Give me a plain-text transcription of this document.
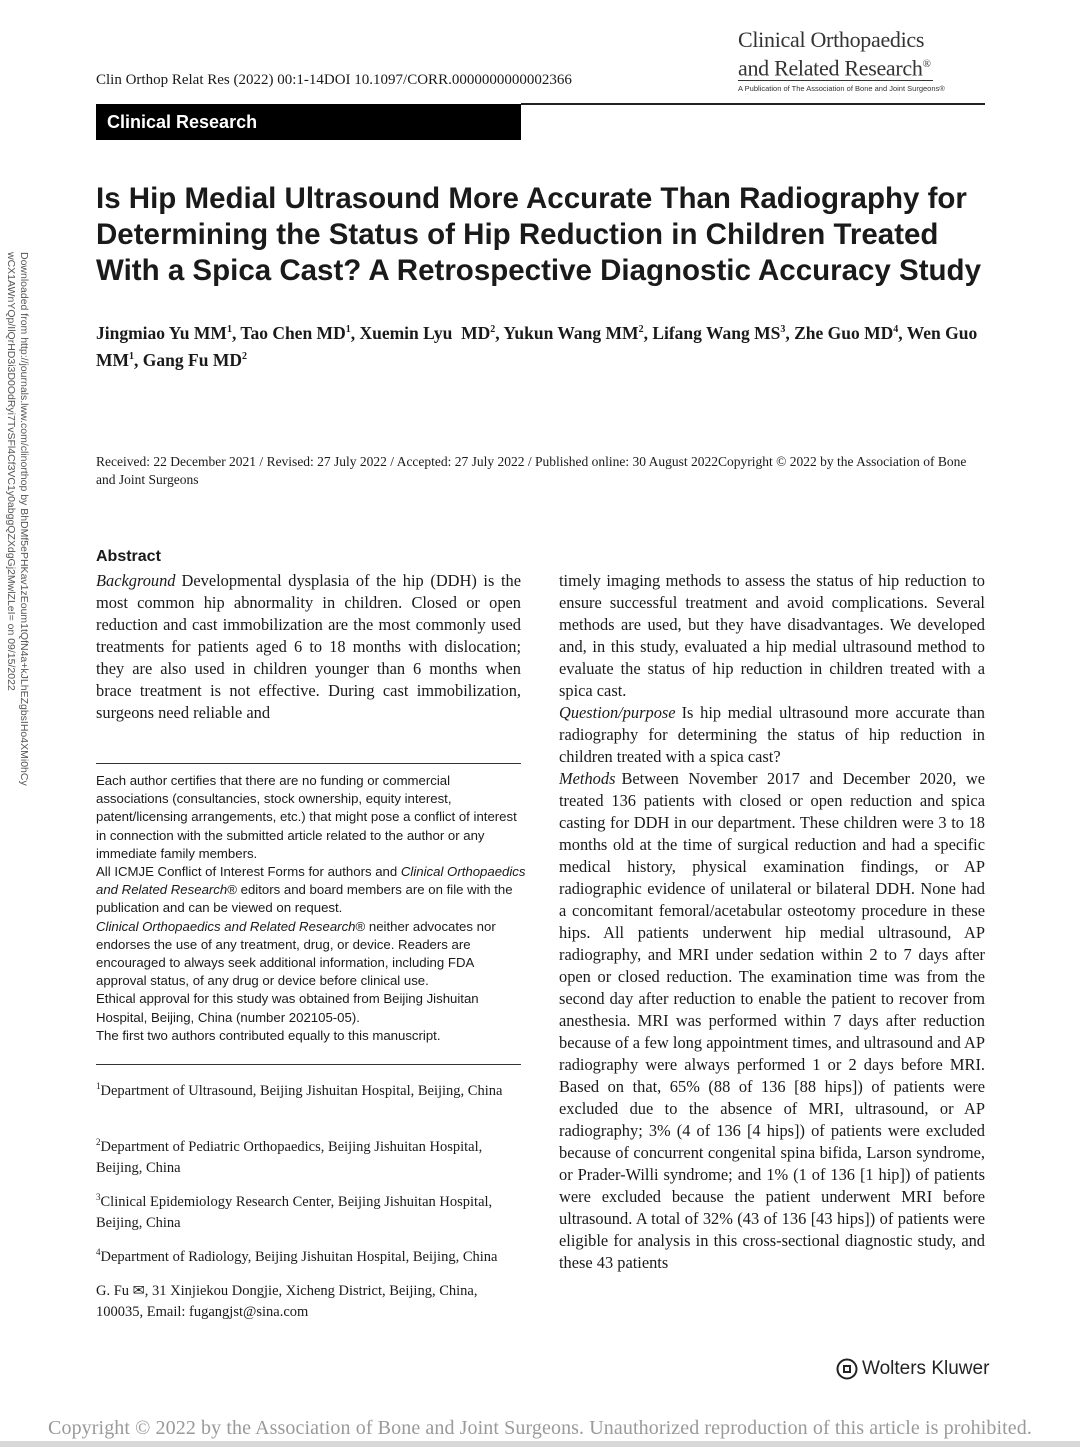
Clin Orthop Relat Res (2022) 00:1-14DOI 10.1097/CORR.0000000000002366
Clinical Orthopaedics
and Related Research®
A Publication of The Association of Bone and Joint Surgeons®
Clinical Research
Is Hip Medial Ultrasound More Accurate Than Radiography for Determining the Status of Hip Reduction in Children Treated With a Spica Cast? A Retrospective Diagnostic Accuracy Study
Jingmiao Yu $MM^1$, Tao Chen $MD^1$, Xuemin Lyu  $MD^2$, Yukun Wang $MM^2$, Lifang Wang $MS^3$, Zhe Guo $MD^4$, Wen Guo $MM^1$, Gang Fu $MD^2$
Received: 22 December 2021 / Revised: 27 July 2022 / Accepted: 27 July 2022 / Published online: 30 August 2022Copyright © 2022 by the Association of Bone and Joint Surgeons
Downloaded from http://journals.lww.com/clinorthop by BhDMf5ePHKav1zEoum1tQfN4a+kJLhEZgbsIHo4XMi0hCy
wCX1AWnYQp/IlQrHD3i3D0OdRyi7TvSFl4Cf3VC1y0abggQZXdgGj2MwlZLeI= on 09/15/2022	Abstract

Background Developmental dysplasia of the hip (DDH) is the most common hip abnormality in children. Closed or open reduction and cast immobilization are the most commonly used treatments for patients aged 6 to 18 months with dislocation; they are also used in children younger than 6 months when brace treatment is not effective. During cast immobilization, surgeons need reliable and

timely imaging methods to assess the status of hip reduction to ensure successful treatment and avoid complications. Several methods are used, but they have disadvantages. We developed and, in this study, evaluated a hip medial ultrasound method to evaluate the status of hip reduction in children treated with a spica cast.

Question/purpose Is hip medial ultrasound more accurate than radiography for determining the status of hip reduction in children treated with a spica cast?

Methods Between November 2017 and December 2020, we treated 136 patients with closed or open reduction and spica casting for DDH in our department. These children were 3 to 18 months old at the time of surgical reduction and had a specific medical history, physical examination findings, or AP radiographic evidence of unilateral or bilateral DDH. None had a concomitant femoral/acetabular osteotomy procedure in these hips. All patients underwent hip medial ultrasound, AP radiography, and MRI under sedation within 2 to 7 days after open or closed reduction. The examination time was from the second day after reduction to enable the patient to recover from anesthesia. MRI was performed within 7 days after reduction because of a few long appointment times, and ultrasound and AP radiography were always performed 1 or 2 days before MRI. Based on that, 65% (88 of 136 [88 hips]) of patients were excluded due to the absence of MRI, ultrasound, or AP radiography; 3% (4 of 136 [4 hips]) of patients were excluded because of concurrent congenital spina bifida, Larson syndrome, or Prader-Willi syndrome; and 1% (1 of 136 [1 hip]) of patients were excluded because the patient underwent MRI before ultrasound. A total of 32% (43 of 136 [43 hips]) of patients were eligible for analysis in this cross-sectional diagnostic study, and these 43 patients

Each author certifies that there are no funding or commercial associations (consultancies, stock ownership, equity interest, patent/licensing arrangements, etc.) that might pose a conflict of interest in connection with the submitted article related to the author or any immediate family members.

All ICMJE Conflict of Interest Forms for authors and Clinical Orthopaedics and Related Research® editors and board members are on file with the publication and can be viewed on request.

Clinical Orthopaedics and Related Research® neither advocates nor endorses the use of any treatment, drug, or device. Readers are encouraged to always seek additional information, including FDA approval status, of any drug or device before clinical use.

Ethical approval for this study was obtained from Beijing Jishuitan Hospital, Beijing, China (number 202105-05).

The first two authors contributed equally to this manuscript.

$^1$Department of Ultrasound, Beijing Jishuitan Hospital, Beijing, China

$^2$Department of Pediatric Orthopaedics, Beijing Jishuitan Hospital, Beijing, China

$^3$Clinical Epidemiology Research Center, Beijing Jishuitan Hospital, Beijing, China

$^4$Department of Radiology, Beijing Jishuitan Hospital, Beijing, China

G. Fu ✉, 31 Xinjiekou Dongjie, Xicheng District, Beijing, China, 100035, Email: fugangjst@sina.com

Wolters Kluwer
Copyright © 2022 by the Association of Bone and Joint Surgeons. Unauthorized reproduction of this article is prohibited.
